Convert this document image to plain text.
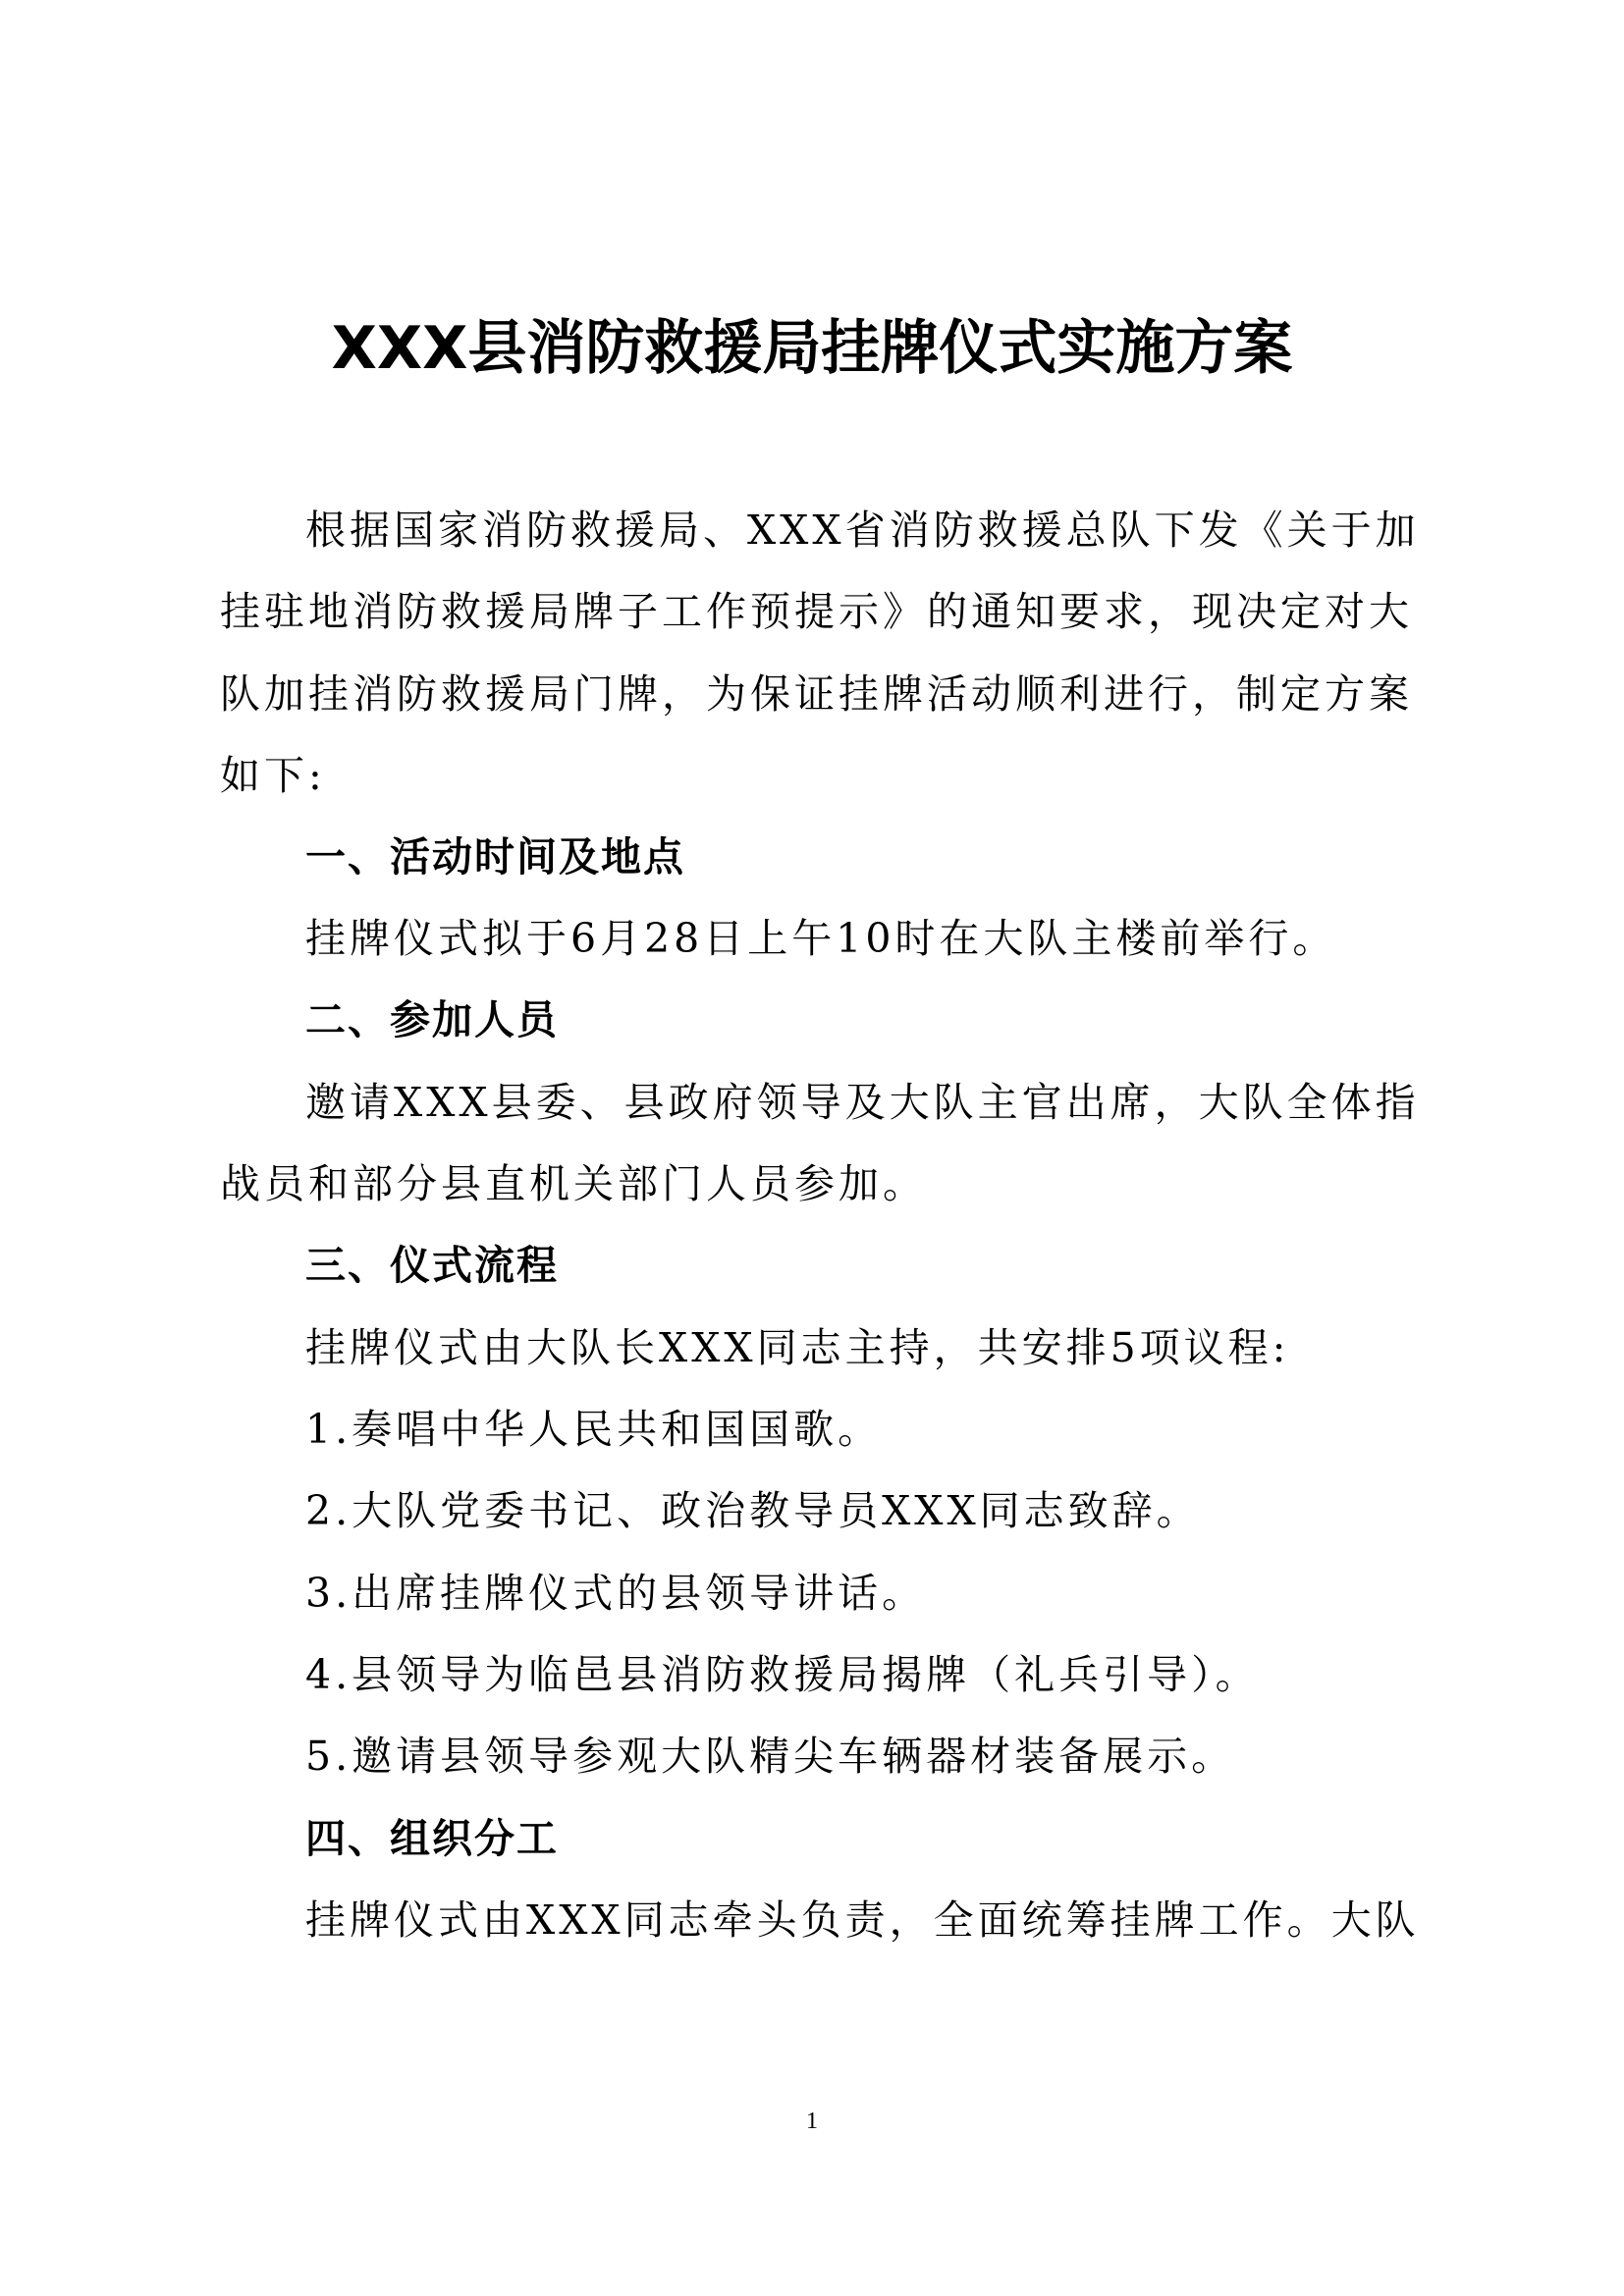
XXX县消防救援局挂牌仪式实施方案

根据国家消防救援局、XXX省消防救援总队下发《关于加

挂驻地消防救援局牌子工作预提示》的通知要求，现决定对大

队加挂消防救援局门牌，为保证挂牌活动顺利进行，制定方案

如下:

一、活动时间及地点

挂牌仪式拟于6月28日上午10时在大队主楼前举行。

二、参加人员

邀请XXX县委、县政府领导及大队主官出席，大队全体指

战员和部分县直机关部门人员参加。

三、仪式流程

挂牌仪式由大队长XXX同志主持，共安排5项议程:

1.奏唱中华人民共和国国歌。

2.大队党委书记、政治教导员XXX同志致辞。

3.出席挂牌仪式的县领导讲话。

4.县领导为临邑县消防救援局揭牌（礼兵引导）。

5.邀请县领导参观大队精尖车辆器材装备展示。

四、组织分工

挂牌仪式由XXX同志牵头负责，全面统筹挂牌工作。大队

1
